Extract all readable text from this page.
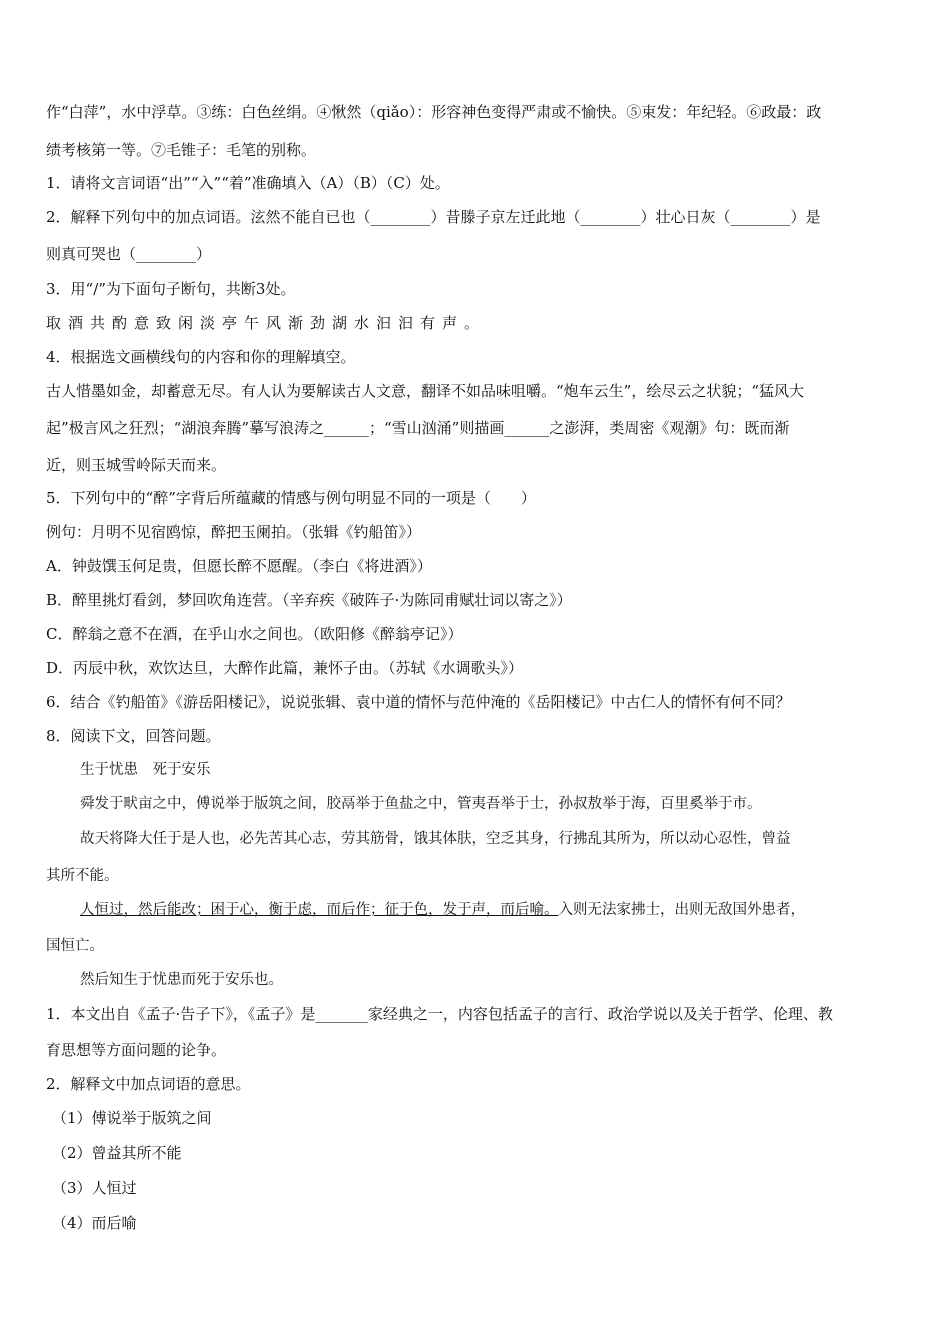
作“白萍”，水中浮草。③练：白色丝绢。④愀然（qiǎo）：形容神色变得严肃或不愉快。⑤束发：年纪轻。⑥政最：政
绩考核第一等。⑦毛锥子：毛笔的别称。
1．请将文言词语“出”“入”“着”准确填入（A）（B）（C）处。
2．解释下列句中的加点词语。泫然不能自已也（________）昔滕子京左迁此地（________）壮心日灰（________）是
则真可哭也（________）
3．用“/”为下面句子断句，共断3处。
取酒共酌意致闲淡亭午风渐劲湖水汩汩有声。
4．根据选文画横线句的内容和你的理解填空。
古人惜墨如金，却蓄意无尽。有人认为要解读古人文意，翻译不如品味咀嚼。“炮车云生”，绘尽云之状貌；“猛风大
起”极言风之狂烈；“湖浪奔腾”摹写浪涛之______；“雪山汹涌”则描画______之澎湃，类周密《观潮》句：既而渐
近，则玉城雪岭际天而来。
5．下列句中的“醉”字背后所蕴藏的情感与例句明显不同的一项是（　　）
例句：月明不见宿鸥惊，醉把玉阑拍。（张辑《钓船笛》）
A．钟鼓馔玉何足贵，但愿长醉不愿醒。（李白《将进酒》）
B．醉里挑灯看剑，梦回吹角连营。（辛弃疾《破阵子·为陈同甫赋壮词以寄之》）
C．醉翁之意不在酒，在乎山水之间也。（欧阳修《醉翁亭记》）
D．丙辰中秋，欢饮达旦，大醉作此篇，兼怀子由。（苏轼《水调歌头》）
6．结合《钓船笛》《游岳阳楼记》，说说张辑、袁中道的情怀与范仲淹的《岳阳楼记》中古仁人的情怀有何不同？
8．阅读下文，回答问题。
生于忧患　死于安乐
舜发于畎亩之中，傅说举于版筑之间，胶鬲举于鱼盐之中，管夷吾举于士，孙叔敖举于海，百里奚举于市。
故天将降大任于是人也，必先苦其心志，劳其筋骨，饿其体肤，空乏其身，行拂乱其所为，所以动心忍性，曾益
其所不能。
人恒过，然后能改；困于心，衡于虑，而后作；征于色，发于声，而后喻。入则无法家拂士，出则无敌国外患者，
国恒亡。
然后知生于忧患而死于安乐也。
1．本文出自《孟子·告子下》，《孟子》是_______家经典之一，内容包括孟子的言行、政治学说以及关于哲学、伦理、教
育思想等方面问题的论争。
2．解释文中加点词语的意思。
（1）傅说举于版筑之间
（2）曾益其所不能
（3）人恒过
（4）而后喻
